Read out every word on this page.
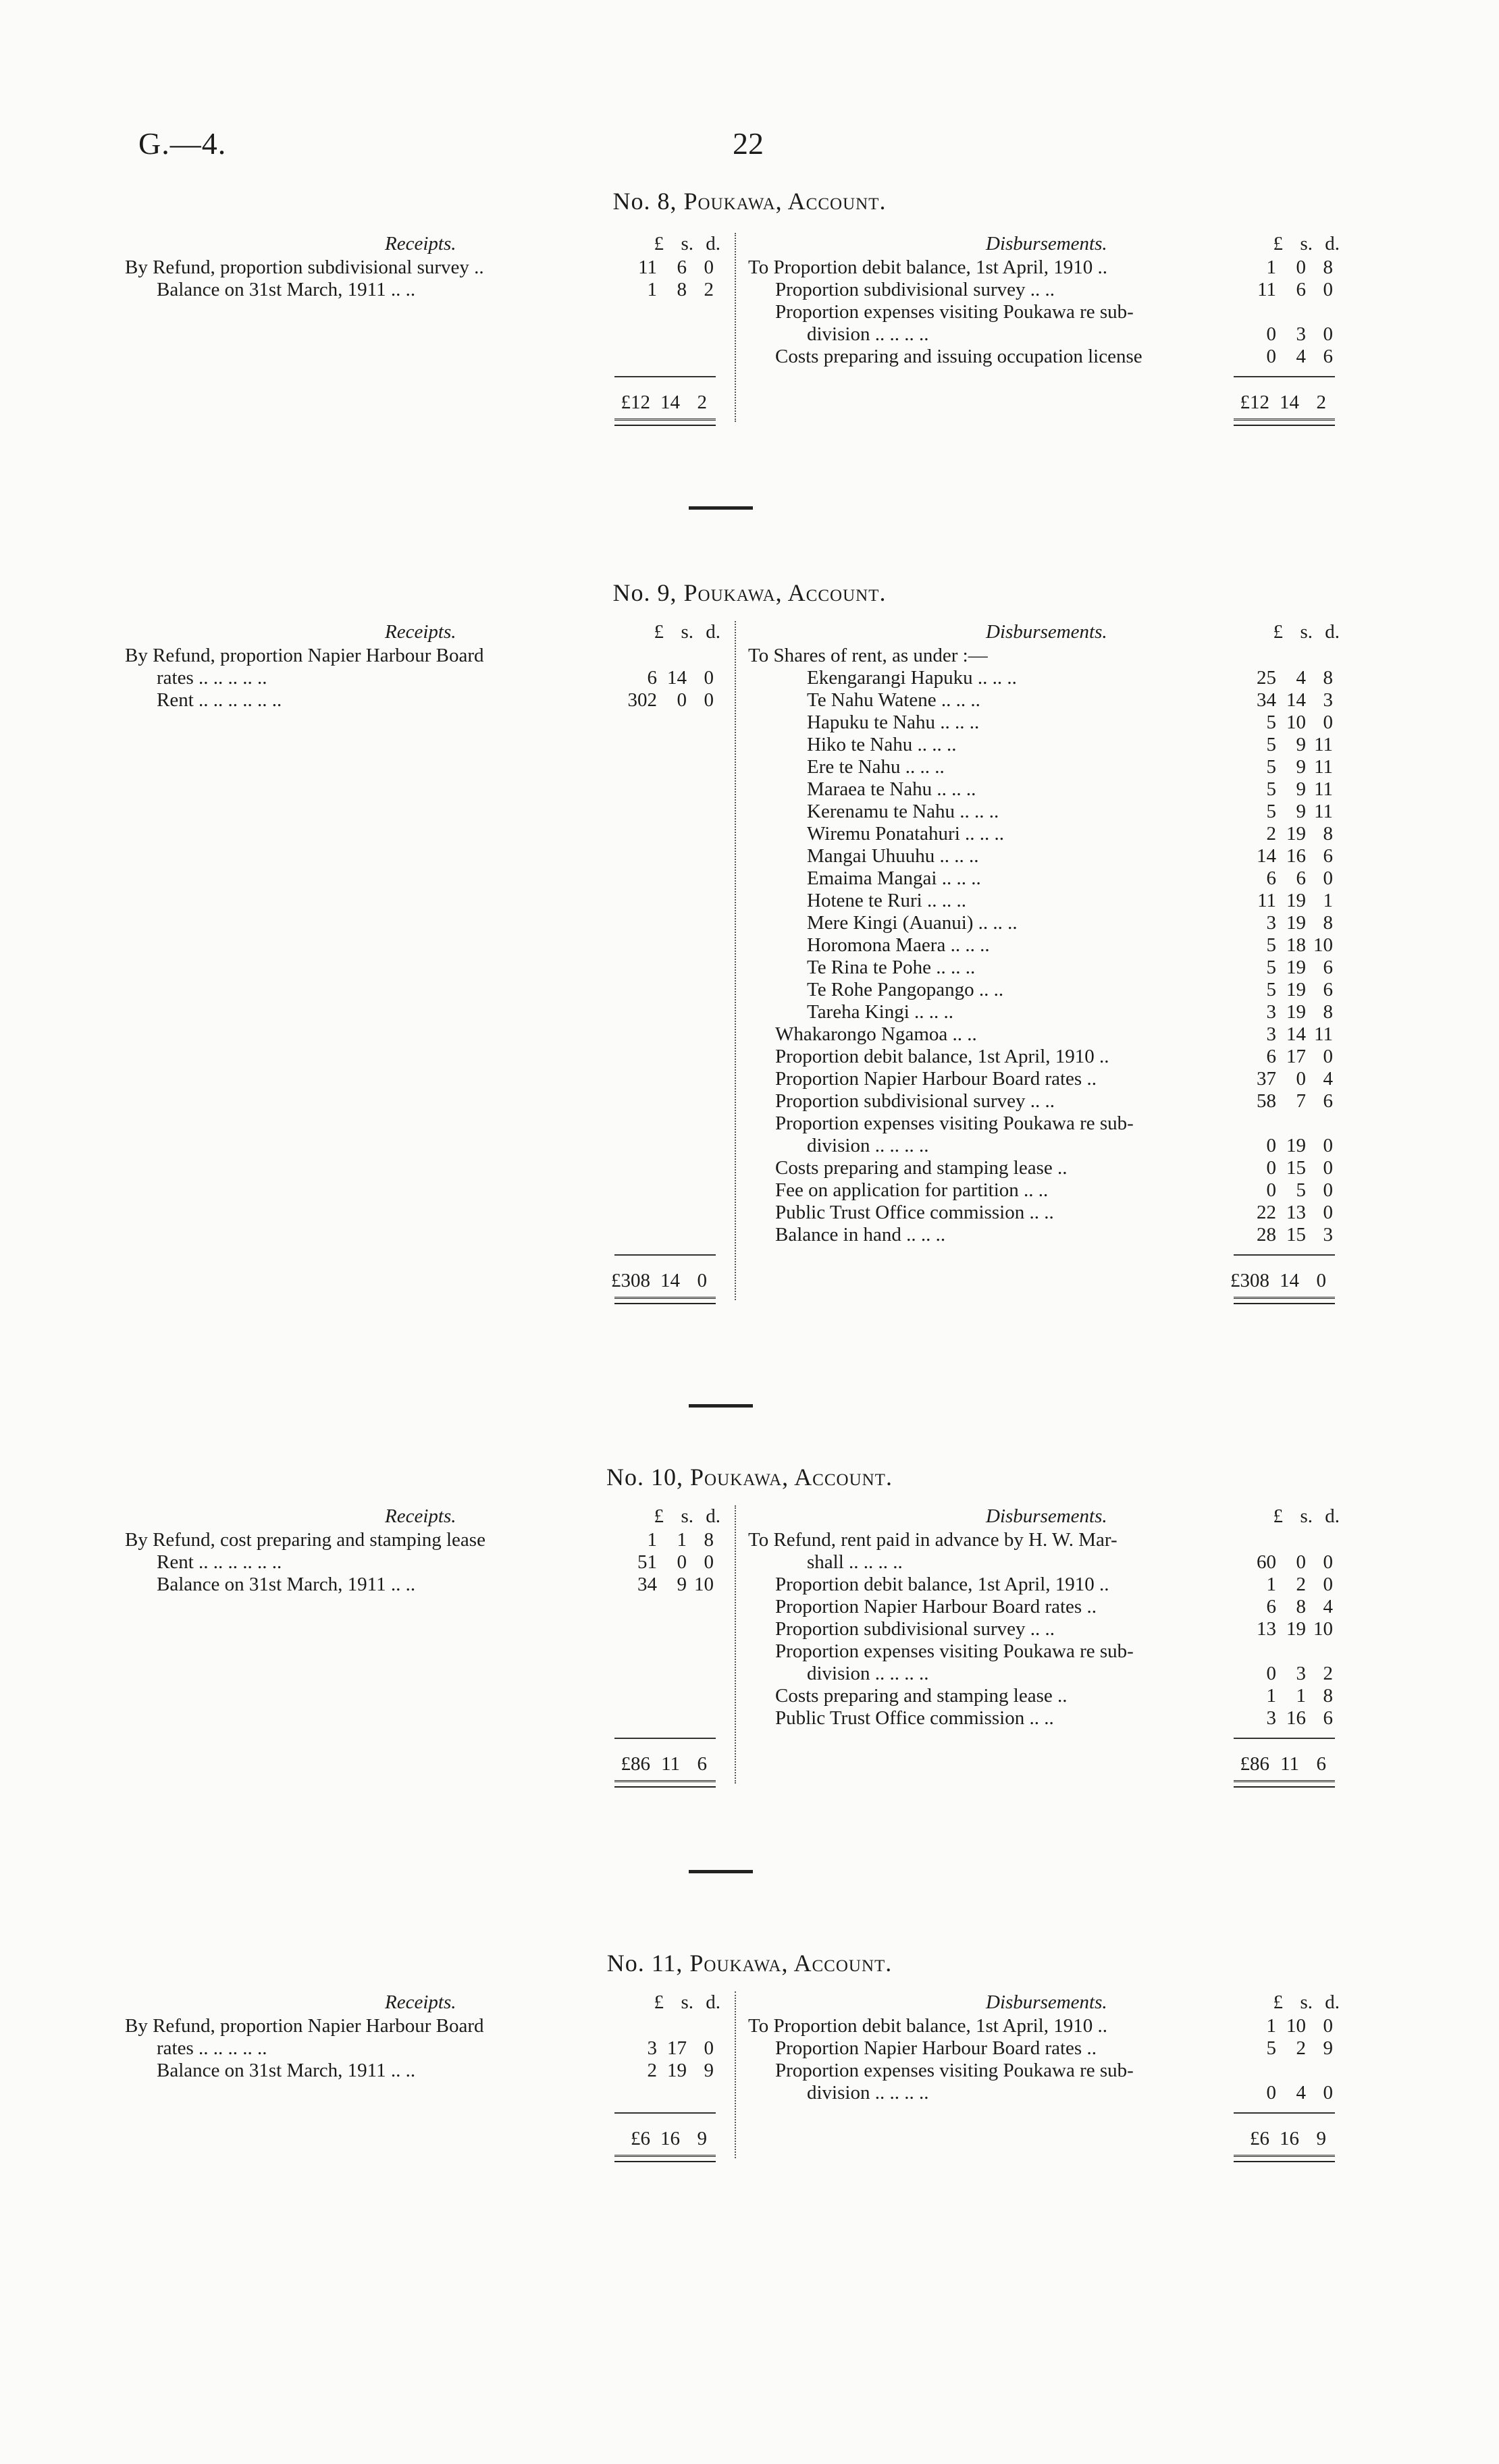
G.—4.	22
No. 8, Poukawa, Account.
Receipts.	Disbursements.
£ s. d.	£ s. d.
By Refund, proportion subdivisional survey ..	11	6 0
Balance on 31st March, 1911 .. ..	1	8 2
To Proportion debit balance, 1st April, 1910 ..	1	0 8
Proportion subdivisional survey .. ..	11	6 0
Proportion expenses visiting Poukawa re sub-
division .. .. .. ..	0	3 0
Costs preparing and issuing occupation license	0	4 6
£12 14 2	£12 14 2
No. 9, Poukawa, Account.
Receipts.	Disbursements.
£ s. d.	£ s. d.
By Refund, proportion Napier Harbour Board
rates .. .. .. .. ..	6 14 0
Rent .. .. .. .. .. ..	302	0 0
To Shares of rent, as under :—
Ekengarangi Hapuku .. .. ..	25	4 8
Te Nahu Watene .. .. ..	34 14 3
Hapuku te Nahu .. .. ..	5 10 0
Hiko te Nahu .. .. ..	5	9 11
Ere te Nahu .. .. ..	5	9 11
Maraea te Nahu .. .. ..	5	9 11
Kerenamu te Nahu .. .. ..	5	9 11
Wiremu Ponatahuri .. .. ..	2 19 8
Mangai Uhuuhu .. .. ..	14 16 6
Emaima Mangai .. .. ..	6	6 0
Hotene te Ruri .. .. ..	11 19 1
Mere Kingi (Auanui) .. .. ..	3 19 8
Horomona Maera .. .. ..	5 18 10
Te Rina te Pohe .. .. ..	5 19 6
Te Rohe Pangopango .. ..	5 19 6
Tareha Kingi .. .. ..	3 19 8
Whakarongo Ngamoa .. ..	3 14 11
Proportion debit balance, 1st April, 1910 ..	6 17 0
Proportion Napier Harbour Board rates ..	37	0 4
Proportion subdivisional survey .. ..	58	7 6
Proportion expenses visiting Poukawa re sub-
division .. .. .. ..	0 19 0
Costs preparing and stamping lease ..	0 15 0
Fee on application for partition .. ..	0	5 0
Public Trust Office commission .. ..	22 13 0
Balance in hand .. .. ..	28 15 3
£308 14 0	£308 14 0
No. 10, Poukawa, Account.
Receipts.	Disbursements.
£ s. d.	£ s. d.
By Refund, cost preparing and stamping lease	1	1 8
Rent .. .. .. .. .. ..	51	0 0
Balance on 31st March, 1911 .. ..	34	9 10
To Refund, rent paid in advance by H. W. Mar-
shall .. .. .. ..	60	0 0
Proportion debit balance, 1st April, 1910 ..	1	2 0
Proportion Napier Harbour Board rates ..	6	8 4
Proportion subdivisional survey .. ..	13 19 10
Proportion expenses visiting Poukawa re sub-
division .. .. .. ..	0	3 2
Costs preparing and stamping lease ..	1	1 8
Public Trust Office commission .. ..	3 16 6
£86 11 6	£86 11 6
No. 11, Poukawa, Account.
Receipts.	Disbursements.
£ s. d.	£ s. d.
By Refund, proportion Napier Harbour Board
rates .. .. .. .. ..	3 17 0
Balance on 31st March, 1911 .. ..	2 19 9
To Proportion debit balance, 1st April, 1910 ..	1 10 0
Proportion Napier Harbour Board rates ..	5	2 9
Proportion expenses visiting Poukawa re sub-
division .. .. .. ..	0	4 0
£6 16 9	£6 16 9
